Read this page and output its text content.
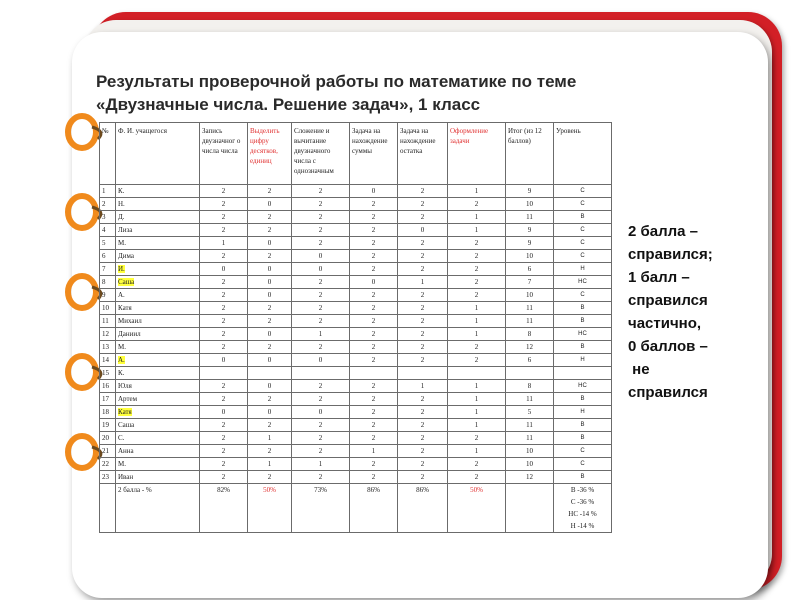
Результаты проверочной работы по математике по теме
«Двузначные числа. Решение задач», 1 класс
№	Ф. И. учащегося	Запись двузначног о числа числа	Выделить цифру десятков, единиц	Сложение и вычитание двузначного числа с однозначным	Задача на нахождение суммы	Задача на нахождение остатка	Оформление задачи	Итог (из 12 баллов)	Уровень
1	К.	2	2	2	0	2	1	9	С
2	Н.	2	0	2	2	2	2	10	С
3	Д.	2	2	2	2	2	1	11	В
4	Лиза	2	2	2	2	0	1	9	С
5	М.	1	0	2	2	2	2	9	С
6	Дима	2	2	0	2	2	2	10	С
7	И.	0	0	0	2	2	2	6	Н
8	Саша	2	0	2	0	1	2	7	НС
9	А.	2	0	2	2	2	2	10	С
10	Катя	2	2	2	2	2	1	11	В
11	Михаил	2	2	2	2	2	1	11	В
12	Даниил	2	0	1	2	2	1	8	НС
13	М.	2	2	2	2	2	2	12	В
14	А.	0	0	0	2	2	2	6	Н
15	К.								
16	Юля	2	0	2	2	1	1	8	НС
17	Артем	2	2	2	2	2	1	11	В
18	Катя	0	0	0	2	2	1	5	Н
19	Саша	2	2	2	2	2	1	11	В
20	С.	2	1	2	2	2	2	11	В
21	Анна	2	2	2	1	2	1	10	С
22	М.	2	1	1	2	2	2	10	С
23	Иван	2	2	2	2	2	2	12	В
	2 балла - %	82%	50%	73%	86%	86%	50%		В -36 %
С -36 %
НС -14 %
Н -14 %
2 балла –
справился;
1 балл –
справился
частично,
0 баллов –
не
справился
